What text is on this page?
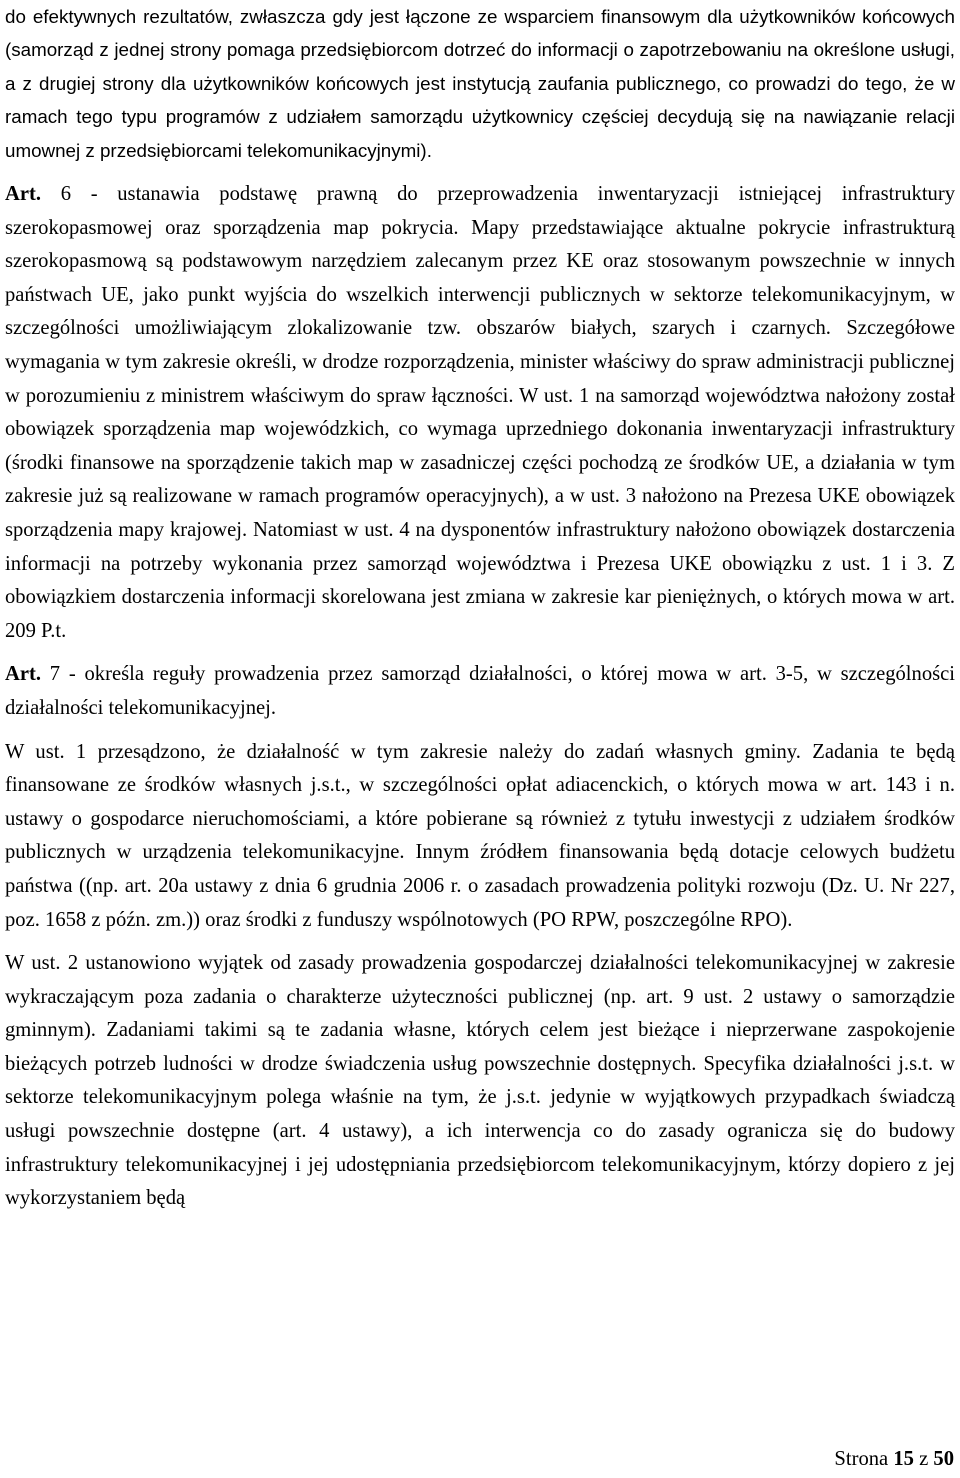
do efektywnych rezultatów, zwłaszcza gdy jest łączone ze wsparciem finansowym dla użytkowników końcowych (samorząd z jednej strony pomaga przedsiębiorcom dotrzeć do informacji o zapotrzebowaniu na określone usługi, a z drugiej strony dla użytkowników końcowych jest instytucją zaufania publicznego, co prowadzi do tego, że w ramach tego typu programów z udziałem samorządu użytkownicy częściej decydują się na nawiązanie relacji umownej z przedsiębiorcami telekomunikacyjnymi).

Art. 6 - ustanawia podstawę prawną do przeprowadzenia inwentaryzacji istniejącej infrastruktury szerokopasmowej oraz sporządzenia map pokrycia. Mapy przedstawiające aktualne pokrycie infrastrukturą szerokopasmową są podstawowym narzędziem zalecanym przez KE oraz stosowanym powszechnie w innych państwach UE, jako punkt wyjścia do wszelkich interwencji publicznych w sektorze telekomunikacyjnym, w szczególności umożliwiającym zlokalizowanie tzw. obszarów białych, szarych i czarnych. Szczegółowe wymagania w tym zakresie określi, w drodze rozporządzenia, minister właściwy do spraw administracji publicznej w porozumieniu z ministrem właściwym do spraw łączności. W ust. 1 na samorząd województwa nałożony został obowiązek sporządzenia map wojewódzkich, co wymaga uprzedniego dokonania inwentaryzacji infrastruktury (środki finansowe na sporządzenie takich map w zasadniczej części pochodzą ze środków UE, a działania w tym zakresie już są realizowane w ramach programów operacyjnych), a w ust. 3 nałożono na Prezesa UKE obowiązek sporządzenia mapy krajowej. Natomiast w ust. 4 na dysponentów infrastruktury nałożono obowiązek dostarczenia informacji na potrzeby wykonania przez samorząd województwa i Prezesa UKE obowiązku z ust. 1 i 3. Z obowiązkiem dostarczenia informacji skorelowana jest zmiana w zakresie kar pieniężnych, o których mowa w art. 209 P.t.

Art. 7 - określa reguły prowadzenia przez samorząd działalności, o której mowa w art. 3-5, w szczególności działalności telekomunikacyjnej.

W ust. 1 przesądzono, że działalność w tym zakresie należy do zadań własnych gminy. Zadania te będą finansowane ze środków własnych j.s.t., w szczególności opłat adiacenckich, o których mowa w art. 143 i n. ustawy o gospodarce nieruchomościami, a które pobierane są również z tytułu inwestycji z udziałem środków publicznych w urządzenia telekomunikacyjne. Innym źródłem finansowania będą dotacje celowych budżetu państwa ((np. art. 20a ustawy z dnia 6 grudnia 2006 r. o zasadach prowadzenia polityki rozwoju (Dz. U. Nr 227, poz. 1658 z późn. zm.)) oraz środki z funduszy wspólnotowych (PO RPW, poszczególne RPO).

W ust. 2 ustanowiono wyjątek od zasady prowadzenia gospodarczej działalności telekomunikacyjnej w zakresie wykraczającym poza zadania o charakterze użyteczności publicznej (np. art. 9 ust. 2 ustawy o samorządzie gminnym). Zadaniami takimi są te zadania własne, których celem jest bieżące i nieprzerwane zaspokojenie bieżących potrzeb ludności w drodze świadczenia usług powszechnie dostępnych. Specyfika działalności j.s.t. w sektorze telekomunikacyjnym polega właśnie na tym, że j.s.t. jedynie w wyjątkowych przypadkach świadczą usługi powszechnie dostępne (art. 4 ustawy), a ich interwencja co do zasady ogranicza się do budowy infrastruktury telekomunikacyjnej i jej udostępniania przedsiębiorcom telekomunikacyjnym, którzy dopiero z jej wykorzystaniem będą

Strona 15 z 50
